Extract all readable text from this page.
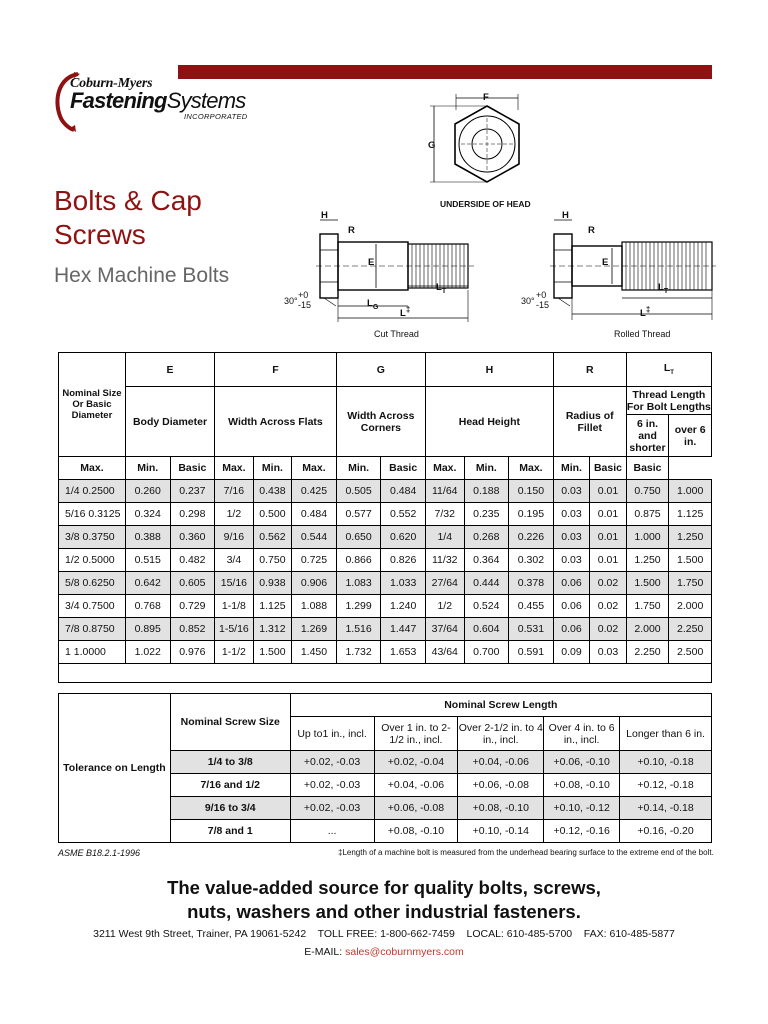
Coburn-Myers
FasteningSystems
INCORPORATED
Bolts & Cap Screws
Hex Machine Bolts
F
G
UNDERSIDE OF HEAD
H
R
E
$L_T$
$L_G$
L‡
+0
30° -15
Cut Thread
H
R
E
$L_T$
L‡
+0
30° -15
Rolled Thread
Nominal Size Or Basic Diameter	E		F			G		H			R		$L_T$
	Body Diameter		Width Across Flats			Width Across Corners		Head Height			Radius of Fillet		Thread Length For Bolt Lengths	
													6 in. and shorter	over 6 in.
Max.	Min.	Basic	Max.	Min.	Max.	Min.	Basic	Max.	Min.	Max.	Min.	Basic	Basic	
1/4 0.2500	0.260	0.237	7/16	0.438	0.425	0.505	0.484	11/64	0.188	0.150	0.03	0.01	0.750	1.000
5/16 0.3125	0.324	0.298	1/2	0.500	0.484	0.577	0.552	7/32	0.235	0.195	0.03	0.01	0.875	1.125
3/8 0.3750	0.388	0.360	9/16	0.562	0.544	0.650	0.620	1/4	0.268	0.226	0.03	0.01	1.000	1.250
1/2 0.5000	0.515	0.482	3/4	0.750	0.725	0.866	0.826	11/32	0.364	0.302	0.03	0.01	1.250	1.500
5/8 0.6250	0.642	0.605	15/16	0.938	0.906	1.083	1.033	27/64	0.444	0.378	0.06	0.02	1.500	1.750
3/4 0.7500	0.768	0.729	1-1/8	1.125	1.088	1.299	1.240	1/2	0.524	0.455	0.06	0.02	1.750	2.000
7/8 0.8750	0.895	0.852	1-5/16	1.312	1.269	1.516	1.447	37/64	0.604	0.531	0.06	0.02	2.000	2.250
1 1.0000	1.022	0.976	1-1/2	1.500	1.450	1.732	1.653	43/64	0.700	0.591	0.09	0.03	2.250	2.500

Tolerance on Length	Nominal Screw Size	Nominal Screw Length				
		Up to1 in., incl.	Over 1 in. to 2-1/2 in., incl.	Over 2-1/2 in. to 4 in., incl.	Over 4 in. to 6 in., incl.	Longer than 6 in.
	1/4 to 3/8	+0.02, -0.03	+0.02, -0.04	+0.04, -0.06	+0.06, -0.10	+0.10, -0.18
	7/16 and 1/2	+0.02, -0.03	+0.04, -0.06	+0.06, -0.08	+0.08, -0.10	+0.12, -0.18
	9/16 to 3/4	+0.02, -0.03	+0.06, -0.08	+0.08, -0.10	+0.10, -0.12	+0.14, -0.18
	7/8 and 1	...	+0.08, -0.10	+0.10, -0.14	+0.12, -0.16	+0.16, -0.20
ASME B18.2.1-1996	‡Length of a machine bolt is measured from the underhead bearing surface to the extreme end of the bolt.
The value-added source for quality bolts, screws,
nuts, washers and other industrial fasteners.
3211 West 9th Street, Trainer, PA 19061-5242    TOLL FREE: 1-800-662-7459    LOCAL: 610-485-5700    FAX: 610-485-5877
E-MAIL: sales@coburnmyers.com
